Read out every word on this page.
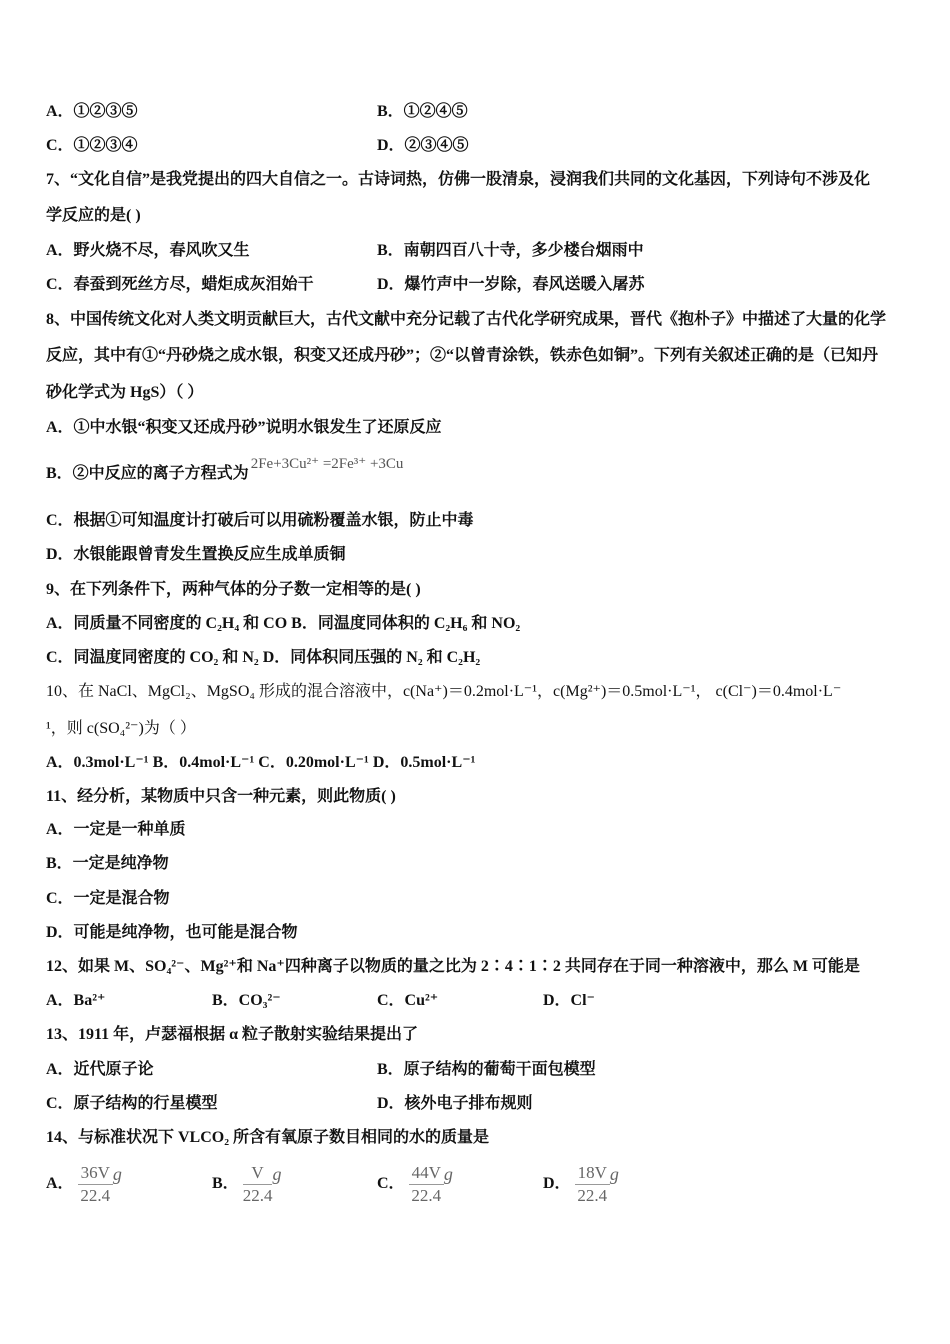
A．①②③⑤	B．①②④⑤
C．①②③④	D．②③④⑤
7、“文化自信”是我党提出的四大自信之一。古诗词热，仿佛一股清泉，浸润我们共同的文化基因，下列诗句不涉及化
学反应的是( )
A．野火烧不尽，春风吹又生	B．南朝四百八十寺，多少楼台烟雨中
C．春蚕到死丝方尽，蜡炬成灰泪始干	D．爆竹声中一岁除，春风送暖入屠苏
8、中国传统文化对人类文明贡献巨大，古代文献中充分记载了古代化学研究成果，晋代《抱朴子》中描述了大量的化学
反应，其中有①“丹砂烧之成水银，积变又还成丹砂”；②“以曾青涂铁，铁赤色如铜”。下列有关叙述正确的是（已知丹
砂化学式为 HgS）（ ）
A．①中水银“积变又还成丹砂”说明水银发生了还原反应
B．②中反应的离子方程式为2Fe+3Cu²⁺ =2Fe³⁺ +3Cu
C．根据①可知温度计打破后可以用硫粉覆盖水银，防止中毒
D．水银能跟曾青发生置换反应生成单质铜
9、在下列条件下，两种气体的分子数一定相等的是( )
A．同质量不同密度的 C₂H₄ 和 CO B．同温度同体积的 C₂H₆ 和 NO₂
C．同温度同密度的 CO₂ 和 N₂ D．同体积同压强的 N₂ 和 C₂H₂
10、在 NaCl、MgCl₂、MgSO₄ 形成的混合溶液中，c(Na⁺)＝0.2mol·L⁻¹，c(Mg²⁺)＝0.5mol·L⁻¹， c(Cl⁻)＝0.4mol·L⁻
¹，则 c(SO₄²⁻)为（ ）
A．0.3mol·L⁻¹ B．0.4mol·L⁻¹ C．0.20mol·L⁻¹ D．0.5mol·L⁻¹
11、经分析，某物质中只含一种元素，则此物质( )
A．一定是一种单质
B．一定是纯净物
C．一定是混合物
D．可能是纯净物，也可能是混合物
12、如果 M、SO₄²⁻、Mg²⁺和 Na⁺四种离子以物质的量之比为 2∶4∶1∶2 共同存在于同一种溶液中，那么 M 可能是
A．Ba²⁺	B．CO₃²⁻	C．Cu²⁺	D．Cl⁻
13、1911 年，卢瑟福根据 α 粒子散射实验结果提出了
A．近代原子论	B．原子结构的葡萄干面包模型
C．原子结构的行星模型	D．核外电子排布规则
14、与标准状况下 VLCO₂ 所含有氧原子数目相同的水的质量是
A． $\frac{36V}{22.4}$ g	B． $\frac{V}{22.4}$ g	C． $\frac{44V}{22.4}$ g	D． $\frac{18V}{22.4}$ g
